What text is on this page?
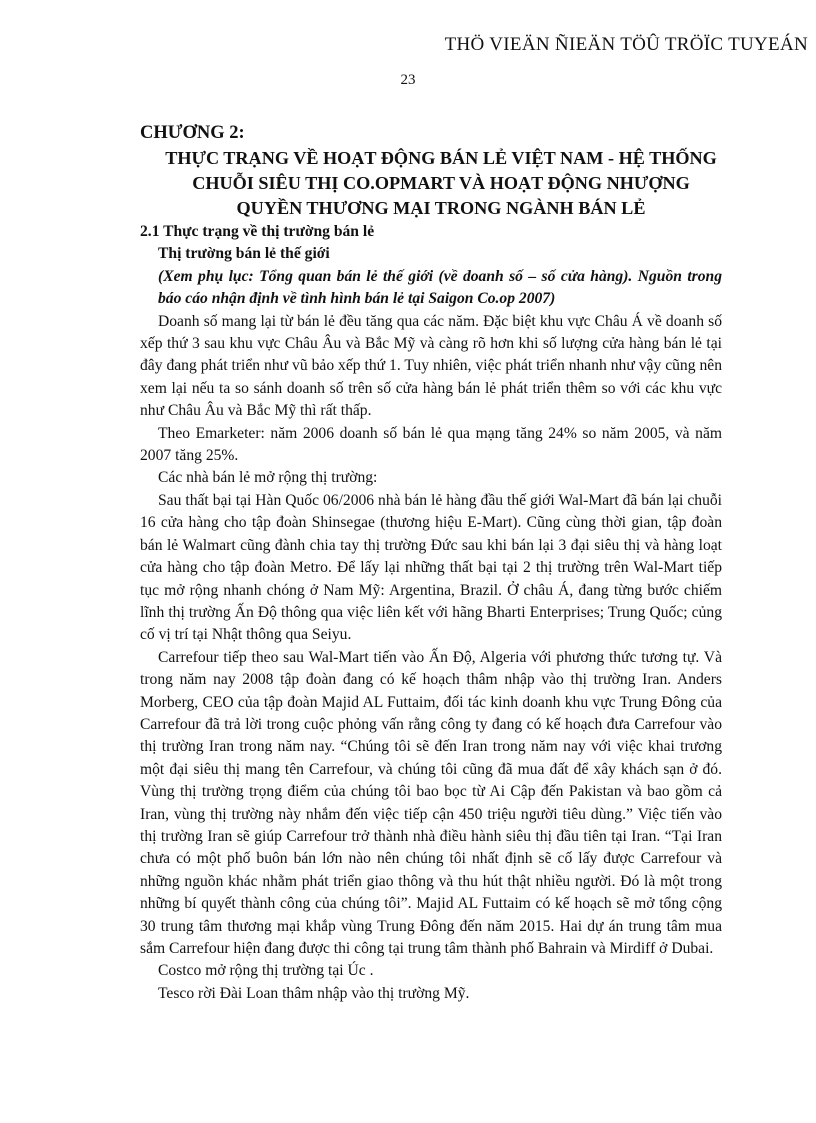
THÖ VIEÄN ÑIEÄN TÖÛ TRÖÏC TUYEÁN
23

CHƯƠNG 2:

THỰC TRẠNG VỀ HOẠT ĐỘNG BÁN LẺ VIỆT NAM - HỆ THỐNG CHUỖI SIÊU THỊ CO.OPMART VÀ HOẠT ĐỘNG NHƯỢNG QUYỀN THƯƠNG MẠI TRONG NGÀNH BÁN LẺ

2.1 Thực trạng về thị trường bán lẻ

Thị trường bán lẻ thế giới

(Xem phụ lục: Tổng quan bán lẻ thế giới (về doanh số – số cửa hàng). Nguồn trong báo cáo nhận định về tình hình bán lẻ tại Saigon Co.op 2007)

Doanh số mang lại từ bán lẻ đều tăng qua các năm. Đặc biệt khu vực Châu Á về doanh số xếp thứ 3 sau khu vực Châu Âu và Bắc Mỹ và càng rõ hơn khi số lượng cửa hàng bán lẻ tại đây đang phát triển như vũ bảo xếp thứ 1. Tuy nhiên, việc phát triển nhanh như vậy cũng nên xem lại nếu ta so sánh doanh số trên số cửa hàng bán lẻ phát triển thêm so với các khu vực như Châu Âu và Bắc Mỹ thì rất thấp.

Theo Emarketer: năm 2006 doanh số bán lẻ qua mạng tăng 24% so năm 2005, và năm 2007 tăng 25%.

Các nhà bán lẻ mở rộng thị trường:

Sau thất bại tại Hàn Quốc 06/2006 nhà bán lẻ hàng đầu thế giới Wal-Mart đã bán lại chuỗi 16 cửa hàng cho tập đoàn Shinsegae (thương hiệu E-Mart). Cũng cùng thời gian, tập đoàn bán lẻ Walmart cũng đành chia tay thị trường Đức sau khi bán lại 3 đại siêu thị và hàng loạt cửa hàng cho tập đoàn Metro. Để lấy lại những thất bại tại 2 thị trường trên Wal-Mart tiếp tục mở rộng nhanh chóng ở Nam Mỹ: Argentina, Brazil. Ở châu Á, đang từng bước chiếm lĩnh thị trường Ấn Độ thông qua việc liên kết với hãng Bharti Enterprises; Trung Quốc; củng cố vị trí tại Nhật thông qua Seiyu.

Carrefour tiếp theo sau Wal-Mart tiến vào Ấn Độ, Algeria với phương thức tương tự. Và trong năm nay 2008 tập đoàn đang có kế hoạch thâm nhập vào thị trường Iran. Anders Morberg, CEO của tập đoàn Majid AL Futtaim, đối tác kinh doanh khu vực Trung Đông của Carrefour đã trả lời trong cuộc phỏng vấn rằng công ty đang có kế hoạch đưa Carrefour vào thị trường Iran trong năm nay. “Chúng tôi sẽ đến Iran trong năm nay với việc khai trương một đại siêu thị mang tên Carrefour, và chúng tôi cũng đã mua đất để xây khách sạn ở đó. Vùng thị trường trọng điểm của chúng tôi bao bọc từ Ai Cập đến Pakistan và bao gồm cả Iran, vùng thị trường này nhắm đến việc tiếp cận 450 triệu người tiêu dùng.” Việc tiến vào thị trường Iran sẽ giúp Carrefour trở thành nhà điều hành siêu thị đầu tiên tại Iran. “Tại Iran chưa có một phố buôn bán lớn nào nên chúng tôi nhất định sẽ cố lấy được Carrefour và những nguồn khác nhằm phát triển giao thông và thu hút thật nhiều người. Đó là một trong những bí quyết thành công của chúng tôi”. Majid AL Futtaim có kế hoạch sẽ mở tổng cộng 30 trung tâm thương mại khắp vùng Trung Đông đến năm 2015. Hai dự án trung tâm mua sắm Carrefour hiện đang được thi công tại trung tâm thành phố Bahrain và Mirdiff ở Dubai.

Costco mở rộng thị trường tại Úc .

Tesco rời Đài Loan thâm nhập vào thị trường Mỹ.
